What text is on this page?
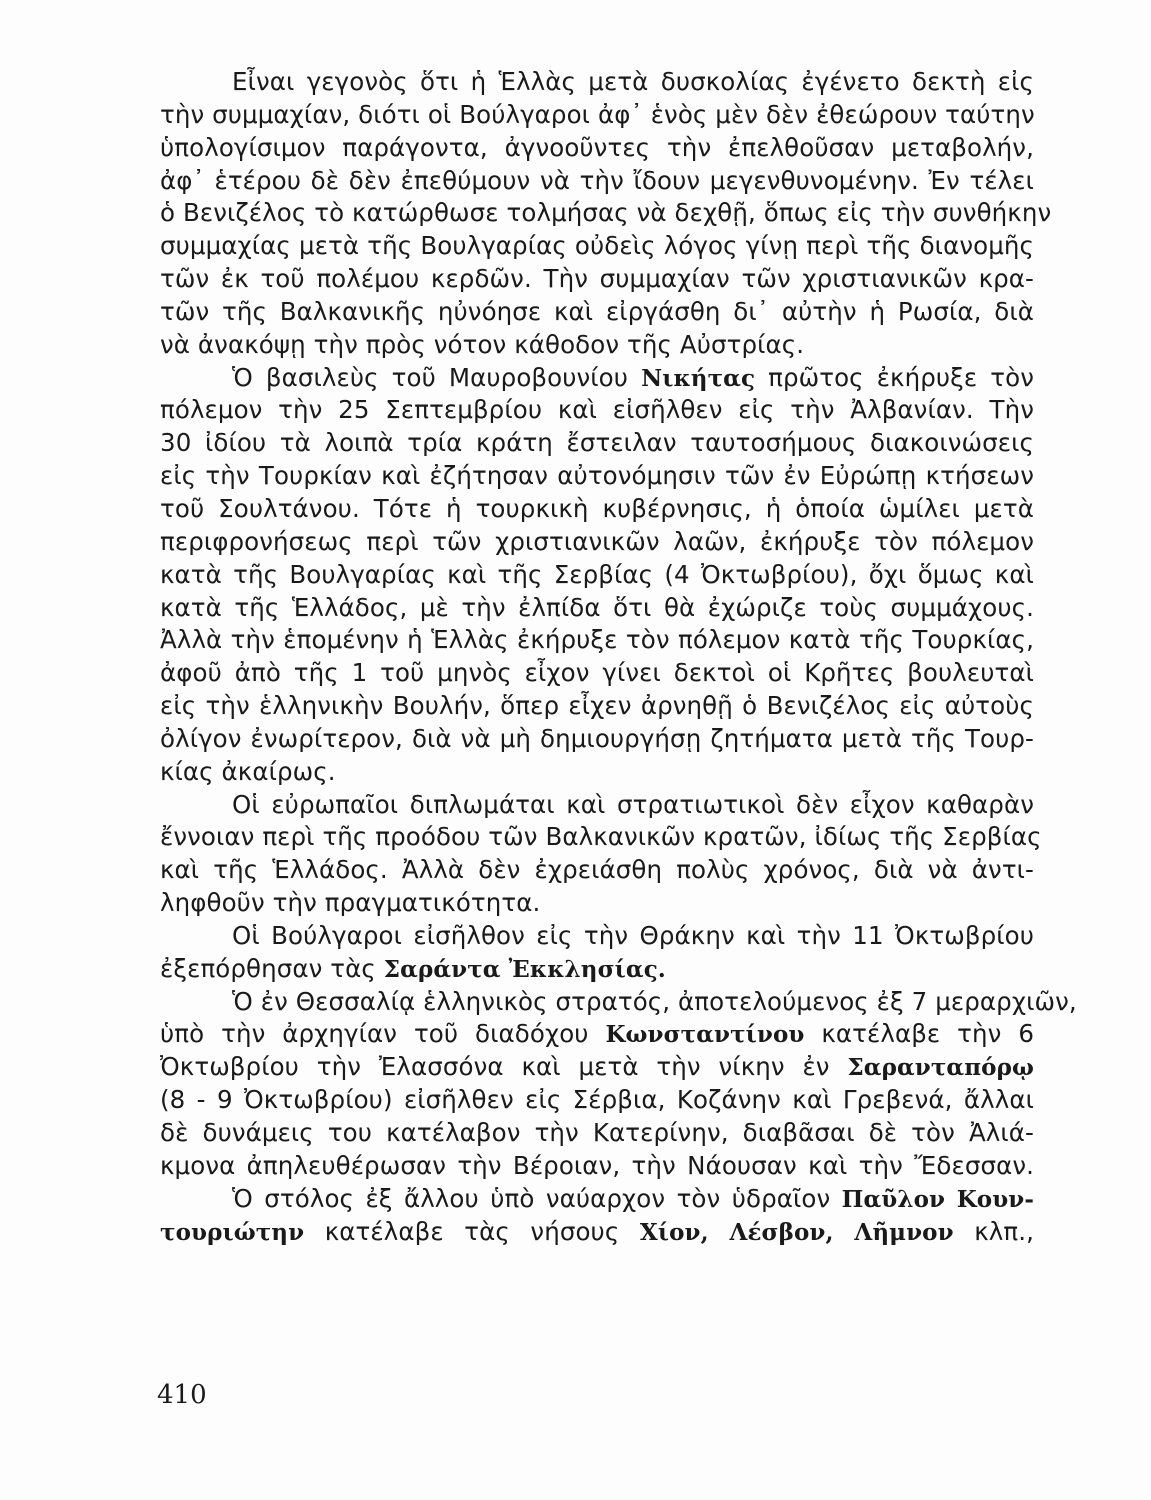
Εἶναι γεγονὸς ὅτι ἡ Ἑλλὰς μετὰ δυσκολίας ἐγένετο δεκτὴ εἰς
τὴν συμμαχίαν, διότι οἱ Βούλγαροι ἀφ᾽ ἑνὸς μὲν δὲν ἐθεώρουν ταύτην
ὑπολογίσιμον παράγοντα, ἀγνοοῦντες τὴν ἐπελθοῦσαν μεταβολήν,
ἀφ᾽ ἑτέρου δὲ δὲν ἐπεθύμουν νὰ τὴν ἴδουν μεγενθυνομένην. Ἐν τέλει
ὁ Βενιζέλος τὸ κατώρθωσε τολμήσας νὰ δεχθῇ, ὅπως εἰς τὴν συνθήκην
συμμαχίας μετὰ τῆς Βουλγαρίας οὐδεὶς λόγος γίνῃ περὶ τῆς διανομῆς
τῶν ἐκ τοῦ πολέμου κερδῶν. Τὴν συμμαχίαν τῶν χριστιανικῶν κρα-
τῶν τῆς Βαλκανικῆς ηὐνόησε καὶ εἰργάσθη δι᾽ αὐτὴν ἡ Ρωσία, διὰ
νὰ ἀνακόψῃ τὴν πρὸς νότον κάθοδον τῆς Αὐστρίας.
Ὁ βασιλεὺς τοῦ Μαυροβουνίου Νικήτας πρῶτος ἐκήρυξε τὸν
πόλεμον τὴν 25 Σεπτεμβρίου καὶ εἰσῆλθεν εἰς τὴν Ἀλβανίαν. Τὴν
30 ἰδίου τὰ λοιπὰ τρία κράτη ἔστειλαν ταυτοσήμους διακοινώσεις
εἰς τὴν Τουρκίαν καὶ ἐζήτησαν αὐτονόμησιν τῶν ἐν Εὐρώπῃ κτήσεων
τοῦ Σουλτάνου. Τότε ἡ τουρκικὴ κυβέρνησις, ἡ ὁποία ὡμίλει μετὰ
περιφρονήσεως περὶ τῶν χριστιανικῶν λαῶν, ἐκήρυξε τὸν πόλεμον
κατὰ τῆς Βουλγαρίας καὶ τῆς Σερβίας (4 Ὀκτωβρίου), ὄχι ὅμως καὶ
κατὰ τῆς Ἑλλάδος, μὲ τὴν ἐλπίδα ὅτι θὰ ἐχώριζε τοὺς συμμάχους.
Ἀλλὰ τὴν ἑπομένην ἡ Ἑλλὰς ἐκήρυξε τὸν πόλεμον κατὰ τῆς Τουρκίας,
ἀφοῦ ἀπὸ τῆς 1 τοῦ μηνὸς εἶχον γίνει δεκτοὶ οἱ Κρῆτες βουλευταὶ
εἰς τὴν ἑλληνικὴν Βουλήν, ὅπερ εἶχεν ἀρνηθῇ ὁ Βενιζέλος εἰς αὐτοὺς
ὀλίγον ἐνωρίτερον, διὰ νὰ μὴ δημιουργήσῃ ζητήματα μετὰ τῆς Τουρ-
κίας ἀκαίρως.
Οἱ εὐρωπαῖοι διπλωμάται καὶ στρατιωτικοὶ δὲν εἶχον καθαρὰν
ἔννοιαν περὶ τῆς προόδου τῶν Βαλκανικῶν κρατῶν, ἰδίως τῆς Σερβίας
καὶ τῆς Ἑλλάδος. Ἀλλὰ δὲν ἐχρειάσθη πολὺς χρόνος, διὰ νὰ ἀντι-
ληφθοῦν τὴν πραγματικότητα.
Οἱ Βούλγαροι εἰσῆλθον εἰς τὴν Θράκην καὶ τὴν 11 Ὀκτωβρίου
ἐξεπόρθησαν τὰς Σαράντα Ἐκκλησίας.
Ὁ ἐν Θεσσαλίᾳ ἑλληνικὸς στρατός, ἀποτελούμενος ἐξ 7 μεραρχιῶν,
ὑπὸ τὴν ἀρχηγίαν τοῦ διαδόχου Κωνσταντίνου κατέλαβε τὴν 6
Ὀκτωβρίου τὴν Ἐλασσόνα καὶ μετὰ τὴν νίκην ἐν Σαρανταπόρῳ
(8 - 9 Ὀκτωβρίου) εἰσῆλθεν εἰς Σέρβια, Κοζάνην καὶ Γρεβενά, ἄλλαι
δὲ δυνάμεις του κατέλαβον τὴν Κατερίνην, διαβᾶσαι δὲ τὸν Ἀλιά-
κμονα ἀπηλευθέρωσαν τὴν Βέροιαν, τὴν Νάουσαν καὶ τὴν Ἔδεσσαν.
Ὁ στόλος ἐξ ἄλλου ὑπὸ ναύαρχον τὸν ὑδραῖον Παῦλον Κουν-
τουριώτην κατέλαβε τὰς νήσους Χίον, Λέσβον, Λῆμνον κλπ.,
410
